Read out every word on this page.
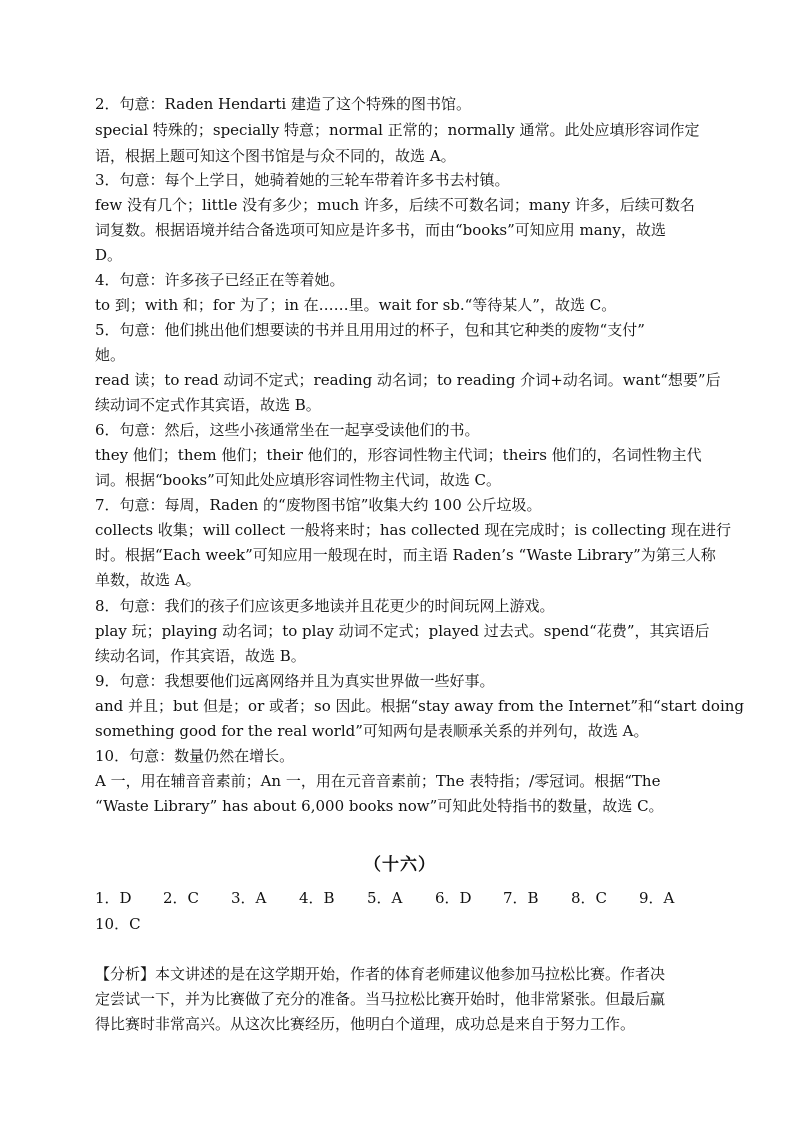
2．句意：Raden Hendarti 建造了这个特殊的图书馆。
special 特殊的；specially 特意；normal 正常的；normally 通常。此处应填形容词作定
语，根据上题可知这个图书馆是与众不同的，故选 A。
3．句意：每个上学日，她骑着她的三轮车带着许多书去村镇。
few 没有几个；little 没有多少；much 许多，后续不可数名词；many 许多，后续可数名
词复数。根据语境并结合备选项可知应是许多书，而由“books”可知应用 many，故选
D。
4．句意：许多孩子已经正在等着她。
to 到；with 和；for 为了；in 在……里。wait for sb.“等待某人”，故选 C。
5．句意：他们挑出他们想要读的书并且用用过的杯子，包和其它种类的废物“支付”
她。
read 读；to read 动词不定式；reading 动名词；to reading 介词+动名词。want“想要”后
续动词不定式作其宾语，故选 B。
6．句意：然后，这些小孩通常坐在一起享受读他们的书。
they 他们；them 他们；their 他们的，形容词性物主代词；theirs 他们的，名词性物主代
词。根据“books”可知此处应填形容词性物主代词，故选 C。
7．句意：每周，Raden 的“废物图书馆”收集大约 100 公斤垃圾。
collects 收集；will collect 一般将来时；has collected 现在完成时；is collecting 现在进行
时。根据“Each week”可知应用一般现在时，而主语 Raden’s “Waste Library”为第三人称
单数，故选 A。
8．句意：我们的孩子们应该更多地读并且花更少的时间玩网上游戏。
play 玩；playing 动名词；to play 动词不定式；played 过去式。spend“花费”，其宾语后
续动名词，作其宾语，故选 B。
9．句意：我想要他们远离网络并且为真实世界做一些好事。
and 并且；but 但是；or 或者；so 因此。根据“stay away from the Internet”和“start doing
something good for the real world”可知两句是表顺承关系的并列句，故选 A。
10．句意：数量仍然在增长。
A 一，用在辅音音素前；An 一，用在元音音素前；The 表特指；/零冠词。根据“The
“Waste Library” has about 6,000 books now”可知此处特指书的数量，故选 C。
（十六）
1．D	2．C	3．A	4．B	5．A	6．D	7．B	8．C	9．A
10．C
【分析】本文讲述的是在这学期开始，作者的体育老师建议他参加马拉松比赛。作者决
定尝试一下，并为比赛做了充分的准备。当马拉松比赛开始时，他非常紧张。但最后赢
得比赛时非常高兴。从这次比赛经历，他明白个道理，成功总是来自于努力工作。
